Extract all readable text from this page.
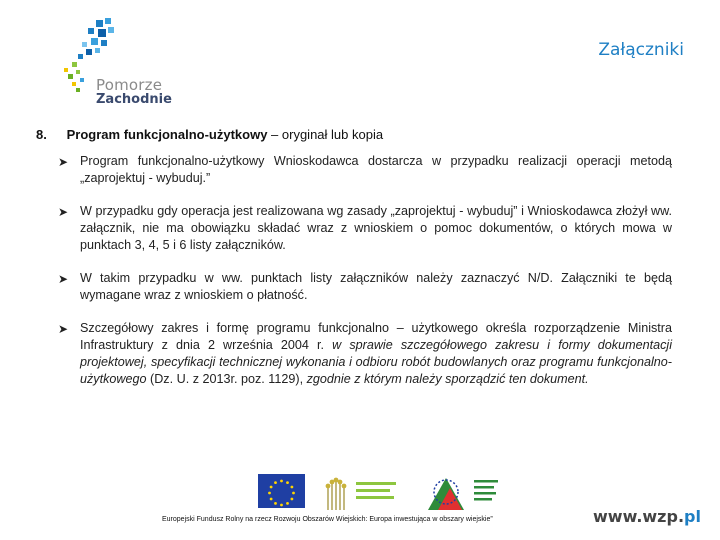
Pomorze
Zachodnie
Załączniki
8. Program funkcjonalno-użytkowy – oryginał lub kopia
➤ Program funkcjonalno-użytkowy Wnioskodawca dostarcza w przypadku realizacji operacji metodą „zaprojektuj - wybuduj.”
➤ W przypadku gdy operacja jest realizowana wg zasady „zaprojektuj - wybuduj” i Wnioskodawca złożył ww. załącznik, nie ma obowiązku składać wraz z wnioskiem o pomoc dokumentów, o których mowa w punktach 3, 4, 5 i 6 listy załączników.
➤ W takim przypadku w ww. punktach listy załączników należy zaznaczyć N/D. Załączniki te będą wymagane wraz z wnioskiem o płatność.
➤ Szczegółowy zakres i formę programu funkcjonalno – użytkowego określa rozporządzenie Ministra Infrastruktury z dnia 2 września 2004 r. w sprawie szczegółowego zakresu i formy dokumentacji projektowej, specyfikacji technicznej wykonania i odbioru robót budowlanych oraz programu funkcjonalno-użytkowego (Dz. U. z 2013r. poz. 1129), zgodnie z którym należy sporządzić ten dokument.
Europejski Fundusz Rolny na rzecz Rozwoju Obszarów Wiejskich: Europa inwestująca w obszary wiejskie”	www.wzp.pl
